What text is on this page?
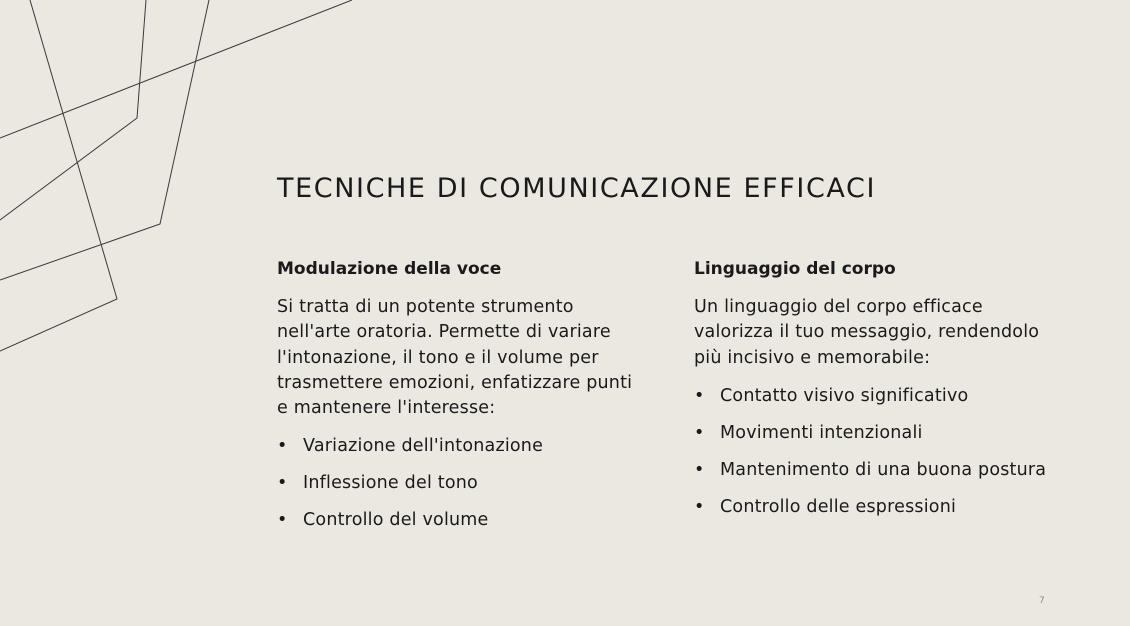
TECNICHE DI COMUNICAZIONE EFFICACI
Modulazione della voce

Si tratta di un potente strumento nell'arte oratoria. Permette di variare l'intonazione, il tono e il volume per trasmettere emozioni, enfatizzare punti e mantenere l'interesse:

• Variazione dell'intonazione
• Inflessione del tono
• Controllo del volume
Linguaggio del corpo

Un linguaggio del corpo efficace valorizza il tuo messaggio, rendendolo più incisivo e memorabile:

• Contatto visivo significativo
• Movimenti intenzionali
• Mantenimento di una buona postura
• Controllo delle espressioni
7
